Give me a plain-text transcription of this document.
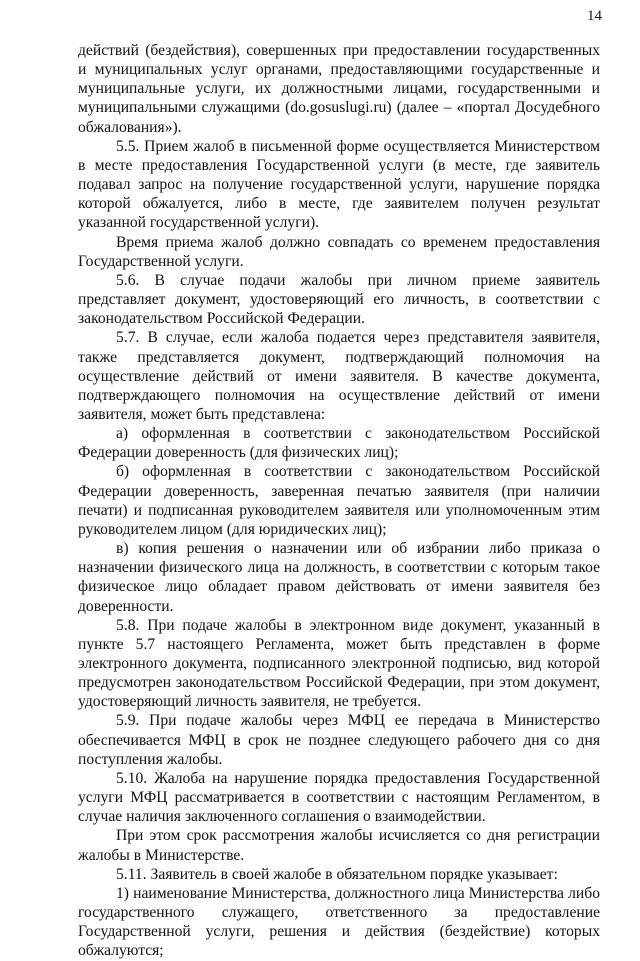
14

действий (бездействия), совершенных при предоставлении государственных и муниципальных услуг органами, предоставляющими государственные и муниципальные услуги, их должностными лицами, государственными и муниципальными служащими (do.gosuslugi.ru) (далее – «портал Досудебного обжалования»).

5.5. Прием жалоб в письменной форме осуществляется Министерством в месте предоставления Государственной услуги (в месте, где заявитель подавал запрос на получение государственной услуги, нарушение порядка которой обжалуется, либо в месте, где заявителем получен результат указанной государственной услуги).

Время приема жалоб должно совпадать со временем предоставления Государственной услуги.

5.6. В случае подачи жалобы при личном приеме заявитель представляет документ, удостоверяющий его личность, в соответствии с законодательством Российской Федерации.

5.7. В случае, если жалоба подается через представителя заявителя, также представляется документ, подтверждающий полномочия на осуществление действий от имени заявителя. В качестве документа, подтверждающего полномочия на осуществление действий от имени заявителя, может быть представлена:

а) оформленная в соответствии с законодательством Российской Федерации доверенность (для физических лиц);

б) оформленная в соответствии с законодательством Российской Федерации доверенность, заверенная печатью заявителя (при наличии печати) и подписанная руководителем заявителя или уполномоченным этим руководителем лицом (для юридических лиц);

в) копия решения о назначении или об избрании либо приказа о назначении физического лица на должность, в соответствии с которым такое физическое лицо обладает правом действовать от имени заявителя без доверенности.

5.8. При подаче жалобы в электронном виде документ, указанный в пункте 5.7 настоящего Регламента, может быть представлен в форме электронного документа, подписанного электронной подписью, вид которой предусмотрен законодательством Российской Федерации, при этом документ, удостоверяющий личность заявителя, не требуется.

5.9. При подаче жалобы через МФЦ ее передача в Министерство обеспечивается МФЦ в срок не позднее следующего рабочего дня со дня поступления жалобы.

5.10. Жалоба на нарушение порядка предоставления Государственной услуги МФЦ рассматривается в соответствии с настоящим Регламентом, в случае наличия заключенного соглашения о взаимодействии.

При этом срок рассмотрения жалобы исчисляется со дня регистрации жалобы в Министерстве.

5.11. Заявитель в своей жалобе в обязательном порядке указывает:

1) наименование Министерства, должностного лица Министерства либо государственного служащего, ответственного за предоставление Государственной услуги, решения и действия (бездействие) которых обжалуются;
